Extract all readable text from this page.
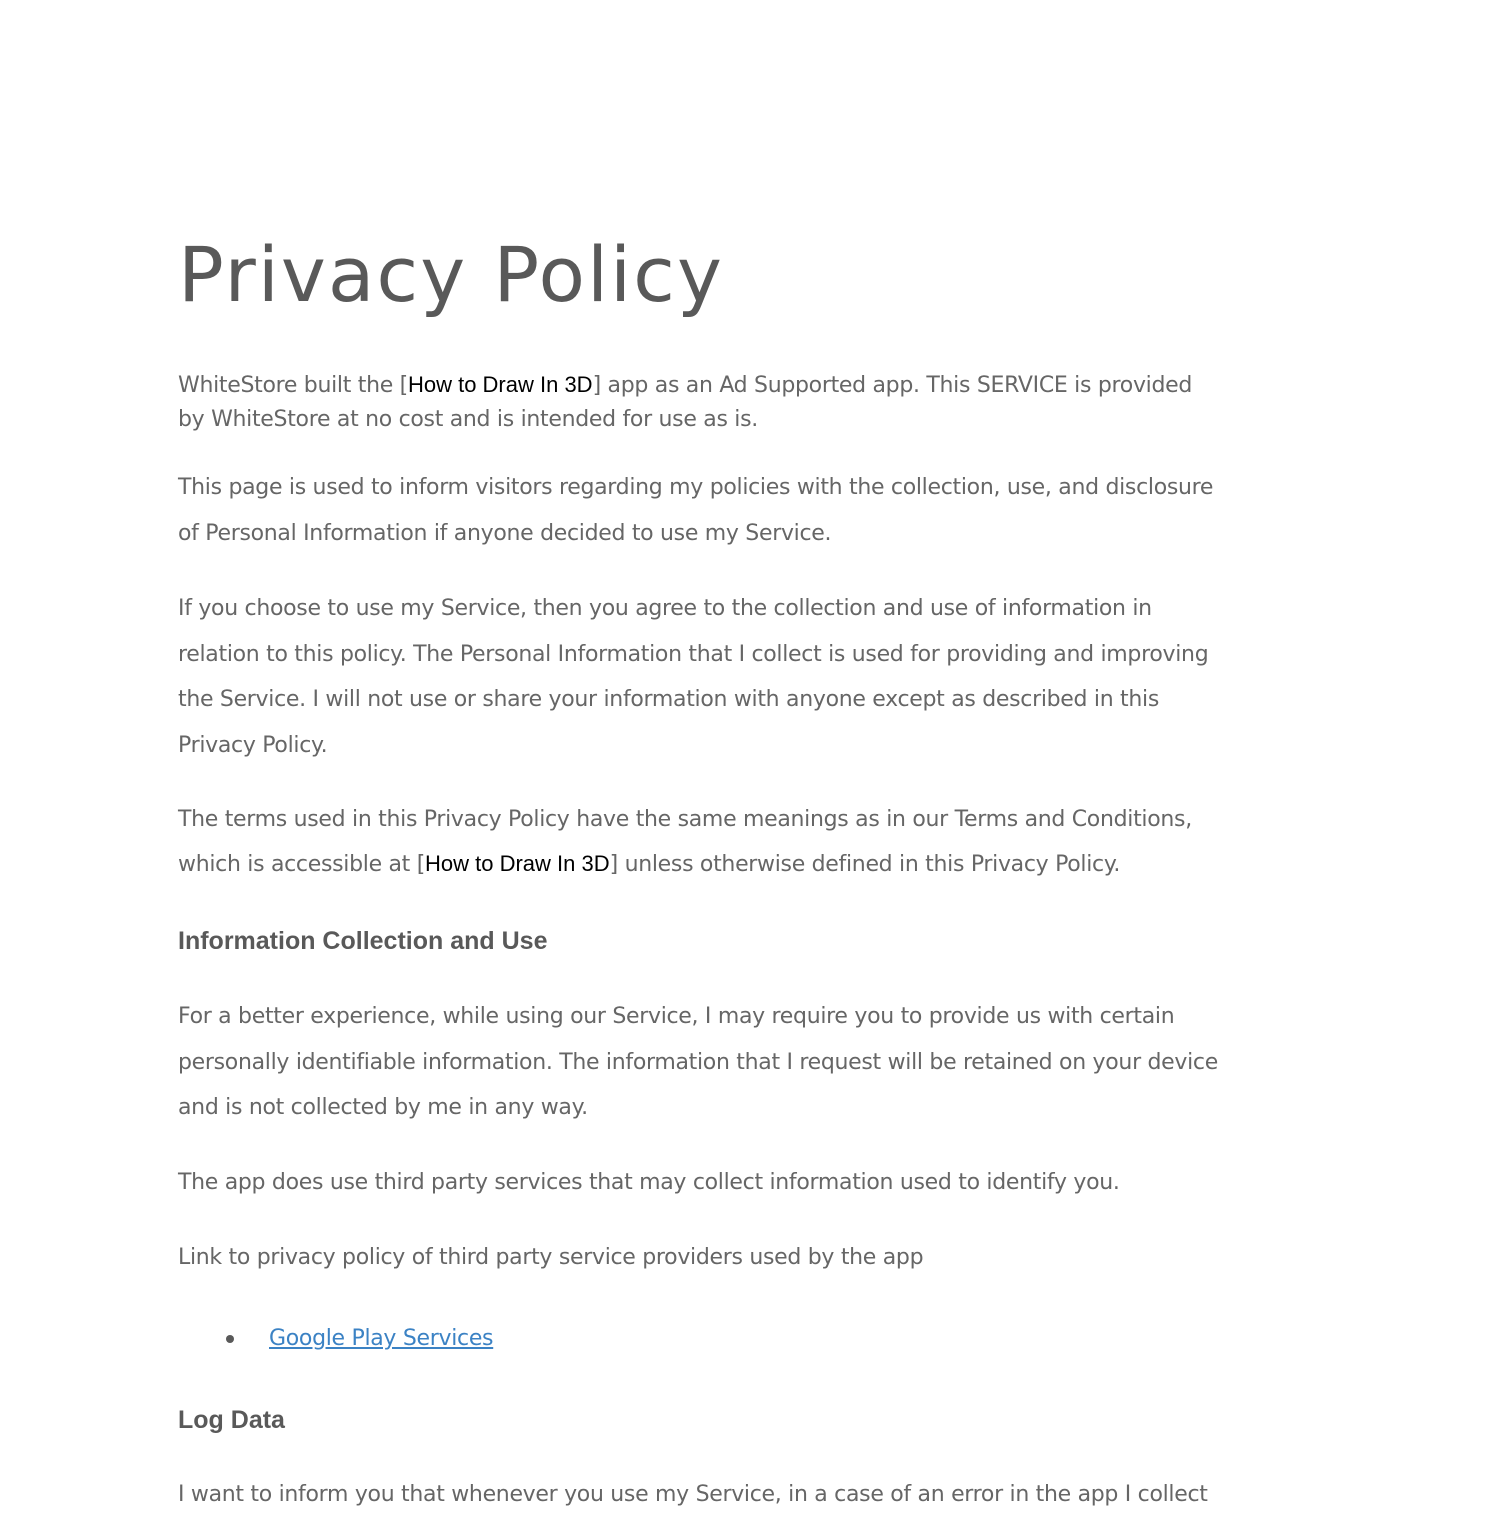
Privacy Policy

WhiteStore built the [How to Draw In 3D] app as an Ad Supported app. This SERVICE is provided
by WhiteStore at no cost and is intended for use as is.

This page is used to inform visitors regarding my policies with the collection, use, and disclosure
of Personal Information if anyone decided to use my Service.

If you choose to use my Service, then you agree to the collection and use of information in
relation to this policy. The Personal Information that I collect is used for providing and improving
the Service. I will not use or share your information with anyone except as described in this
Privacy Policy.

The terms used in this Privacy Policy have the same meanings as in our Terms and Conditions,
which is accessible at [How to Draw In 3D] unless otherwise defined in this Privacy Policy.

Information Collection and Use

For a better experience, while using our Service, I may require you to provide us with certain
personally identifiable information. The information that I request will be retained on your device
and is not collected by me in any way.

The app does use third party services that may collect information used to identify you.

Link to privacy policy of third party service providers used by the app

Google Play Services
Log Data

I want to inform you that whenever you use my Service, in a case of an error in the app I collect
